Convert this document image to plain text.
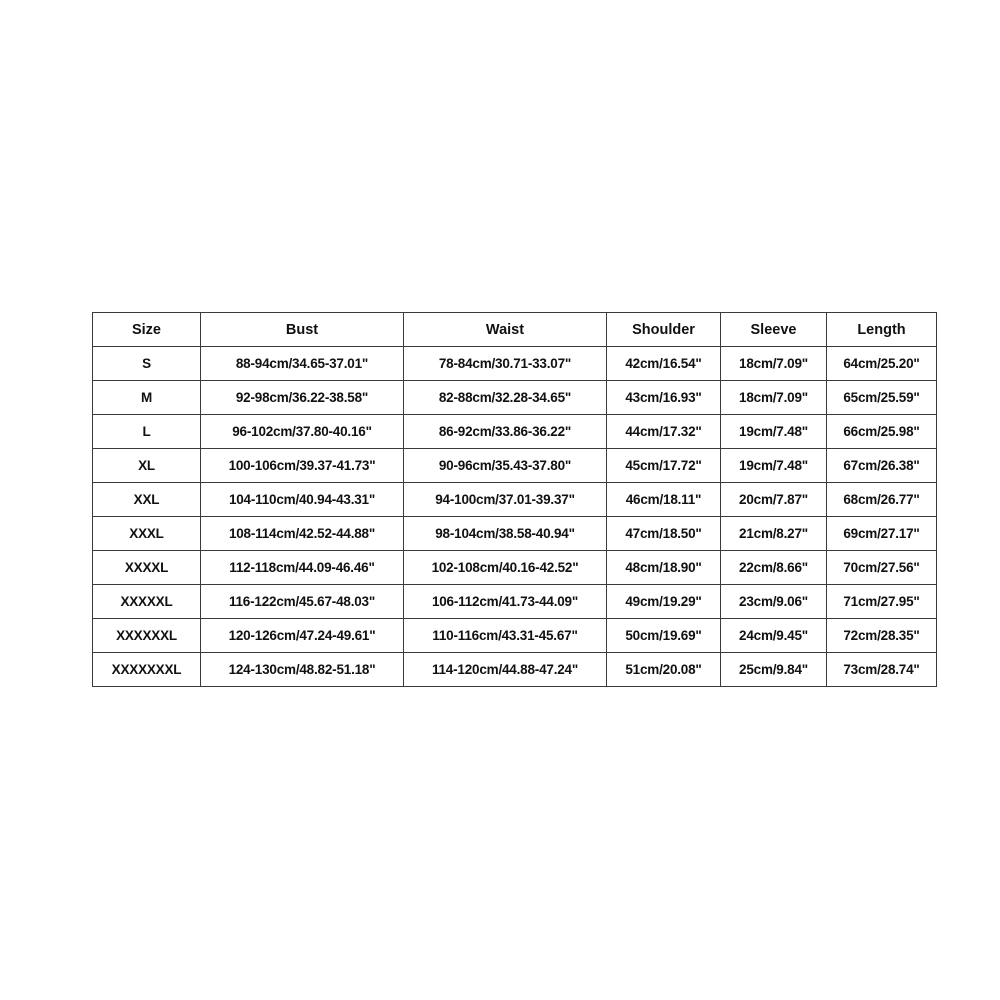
Size	Bust	Waist	Shoulder	Sleeve	Length
S	88-94cm/34.65-37.01"	78-84cm/30.71-33.07"	42cm/16.54"	18cm/7.09"	64cm/25.20"
M	92-98cm/36.22-38.58"	82-88cm/32.28-34.65"	43cm/16.93"	18cm/7.09"	65cm/25.59"
L	96-102cm/37.80-40.16"	86-92cm/33.86-36.22"	44cm/17.32"	19cm/7.48"	66cm/25.98"
XL	100-106cm/39.37-41.73"	90-96cm/35.43-37.80"	45cm/17.72"	19cm/7.48"	67cm/26.38"
XXL	104-110cm/40.94-43.31"	94-100cm/37.01-39.37"	46cm/18.11"	20cm/7.87"	68cm/26.77"
XXXL	108-114cm/42.52-44.88"	98-104cm/38.58-40.94"	47cm/18.50"	21cm/8.27"	69cm/27.17"
XXXXL	112-118cm/44.09-46.46"	102-108cm/40.16-42.52"	48cm/18.90"	22cm/8.66"	70cm/27.56"
XXXXXL	116-122cm/45.67-48.03"	106-112cm/41.73-44.09"	49cm/19.29"	23cm/9.06"	71cm/27.95"
XXXXXXL	120-126cm/47.24-49.61"	110-116cm/43.31-45.67"	50cm/19.69"	24cm/9.45"	72cm/28.35"
XXXXXXXL	124-130cm/48.82-51.18"	114-120cm/44.88-47.24"	51cm/20.08"	25cm/9.84"	73cm/28.74"
